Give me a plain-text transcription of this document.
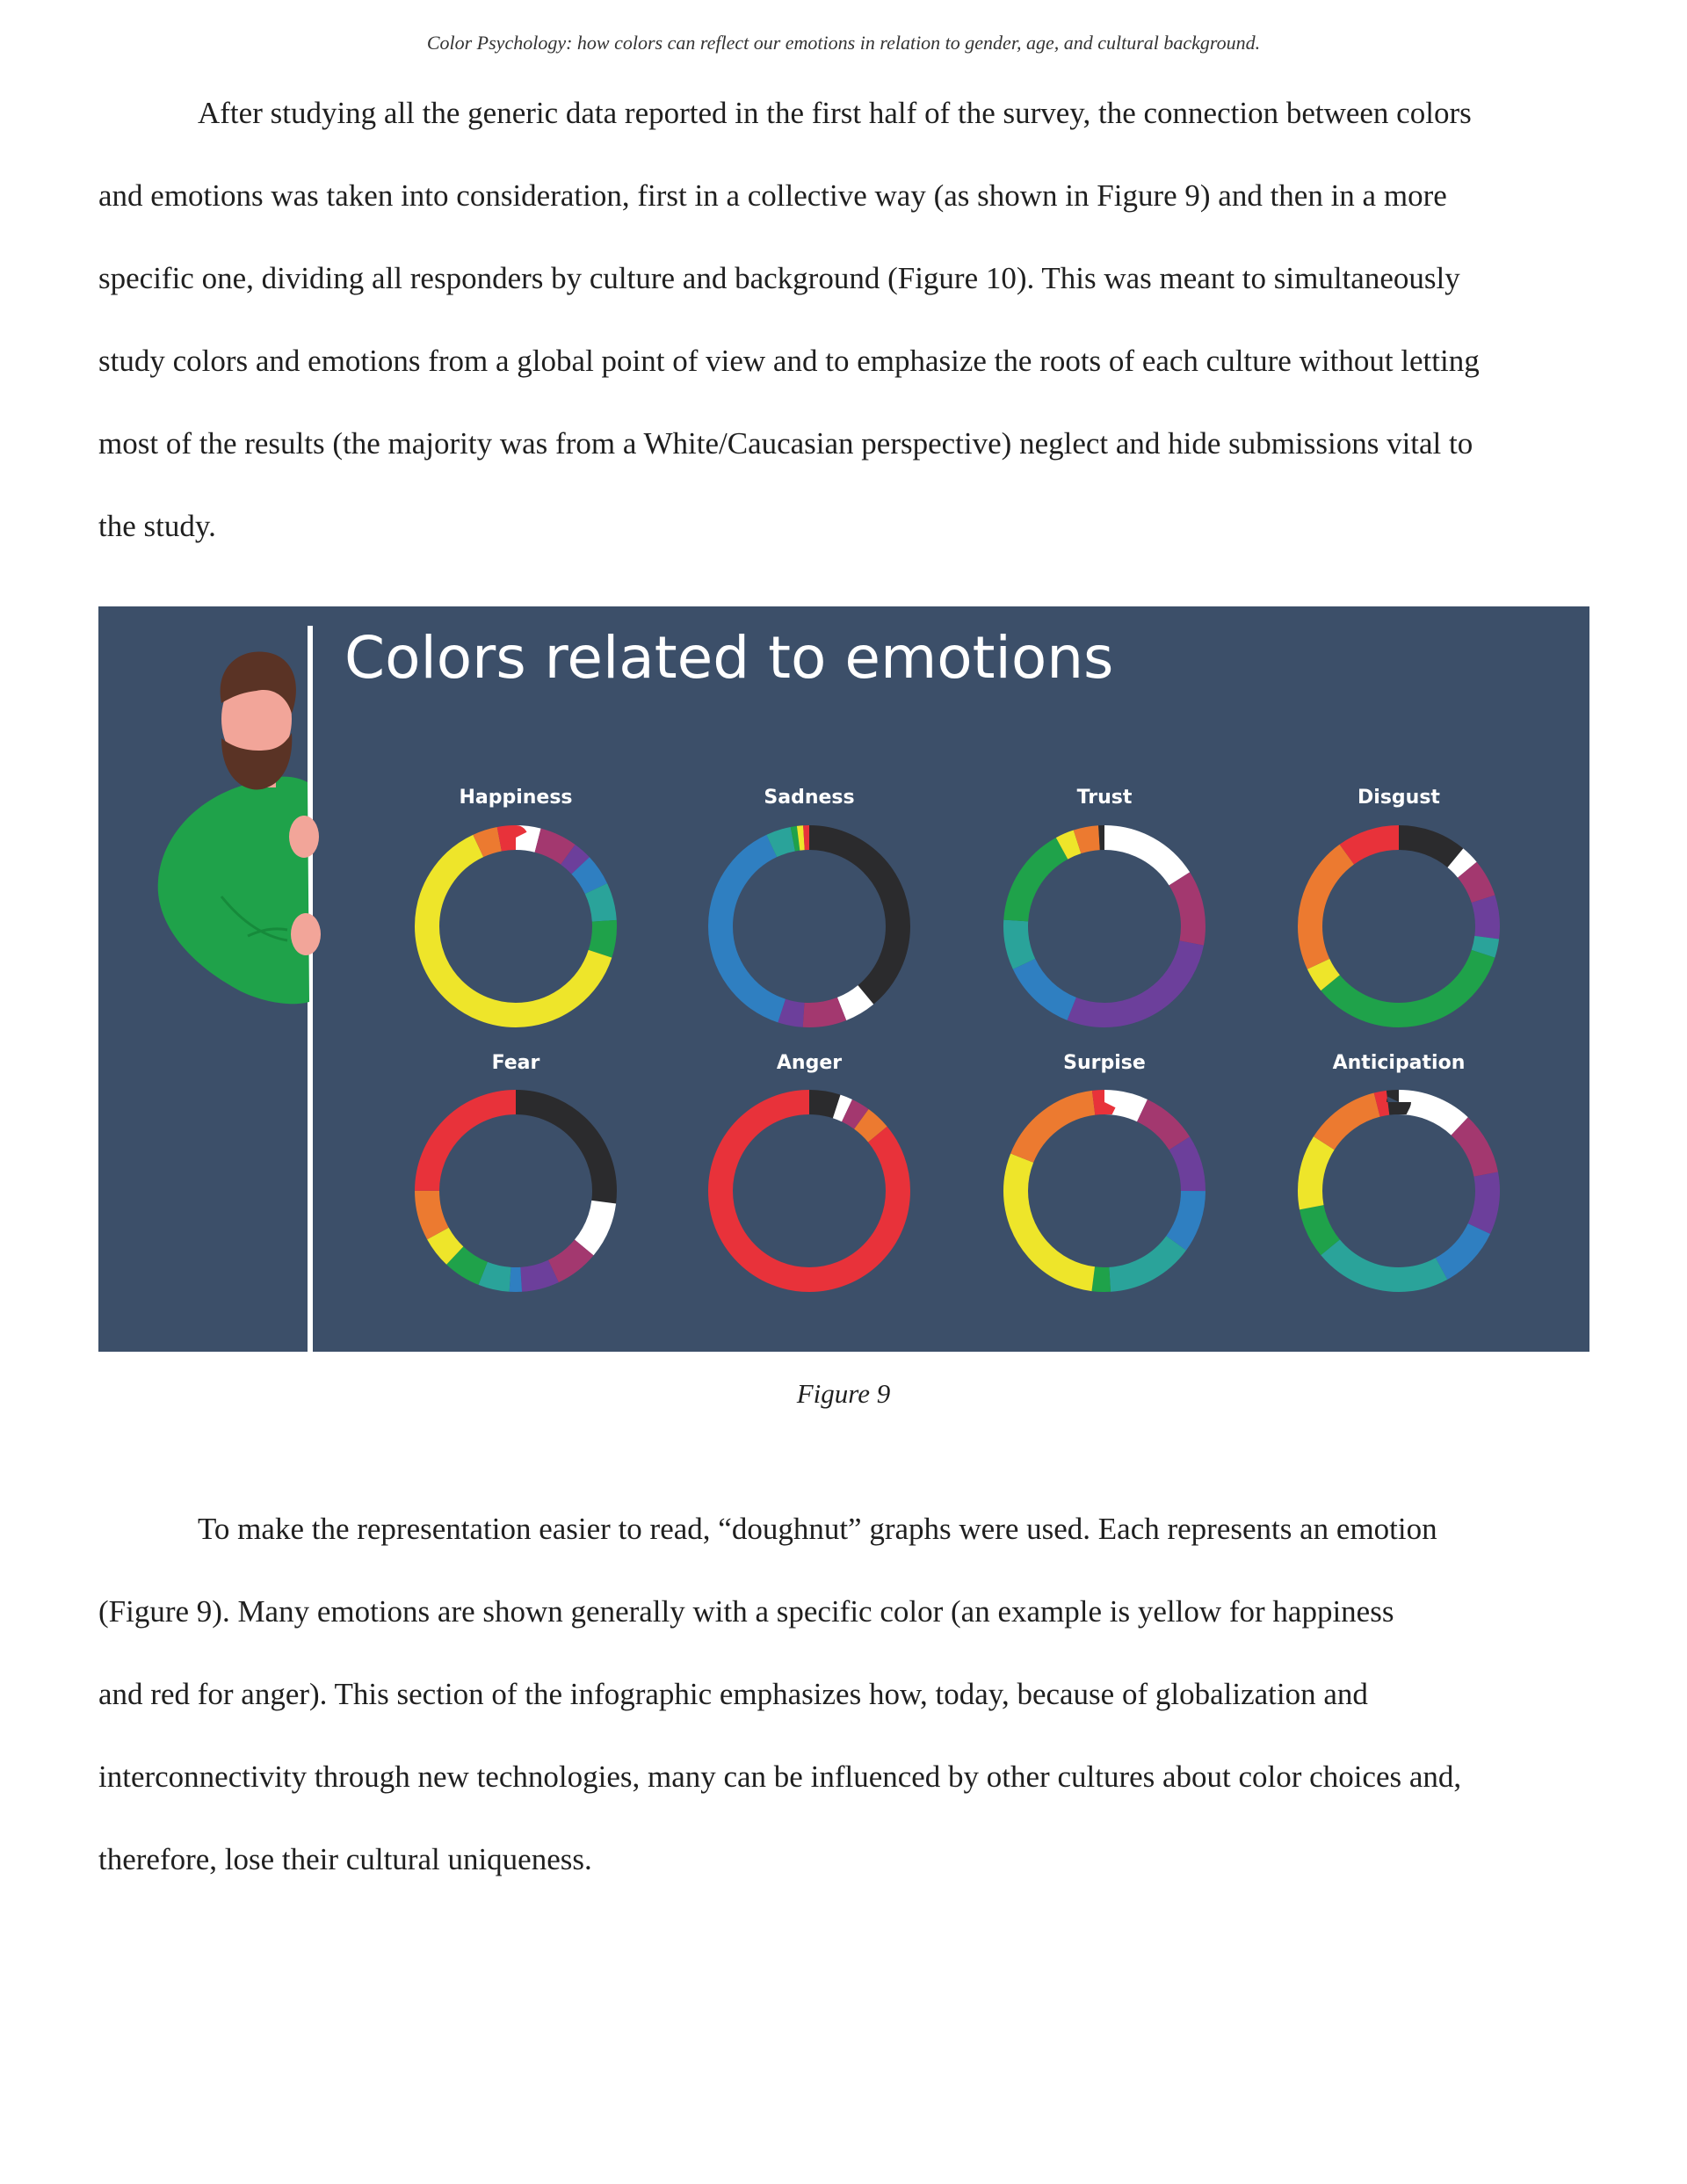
Color Psychology: how colors can reflect our emotions in relation to gender, age, and cultural background.

After studying all the generic data reported in the first half of the survey, the connection between colors
and emotions was taken into consideration, first in a collective way (as shown in Figure 9) and then in a more
specific one, dividing all responders by culture and background (Figure 10). This was meant to simultaneously
study colors and emotions from a global point of view and to emphasize the roots of each culture without letting
most of the results (the majority was from a White/Caucasian perspective) neglect and hide submissions vital to
the study.

Happiness	Sadness	Trust	Disgust
Fear	Anger	Surpise	Anticipation
Colors related to emotions
Figure 9

To make the representation easier to read, “doughnut” graphs were used. Each represents an emotion
(Figure 9). Many emotions are shown generally with a specific color (an example is yellow for happiness
and red for anger). This section of the infographic emphasizes how, today, because of globalization and
interconnectivity through new technologies, many can be influenced by other cultures about color choices and,
therefore, lose their cultural uniqueness.
